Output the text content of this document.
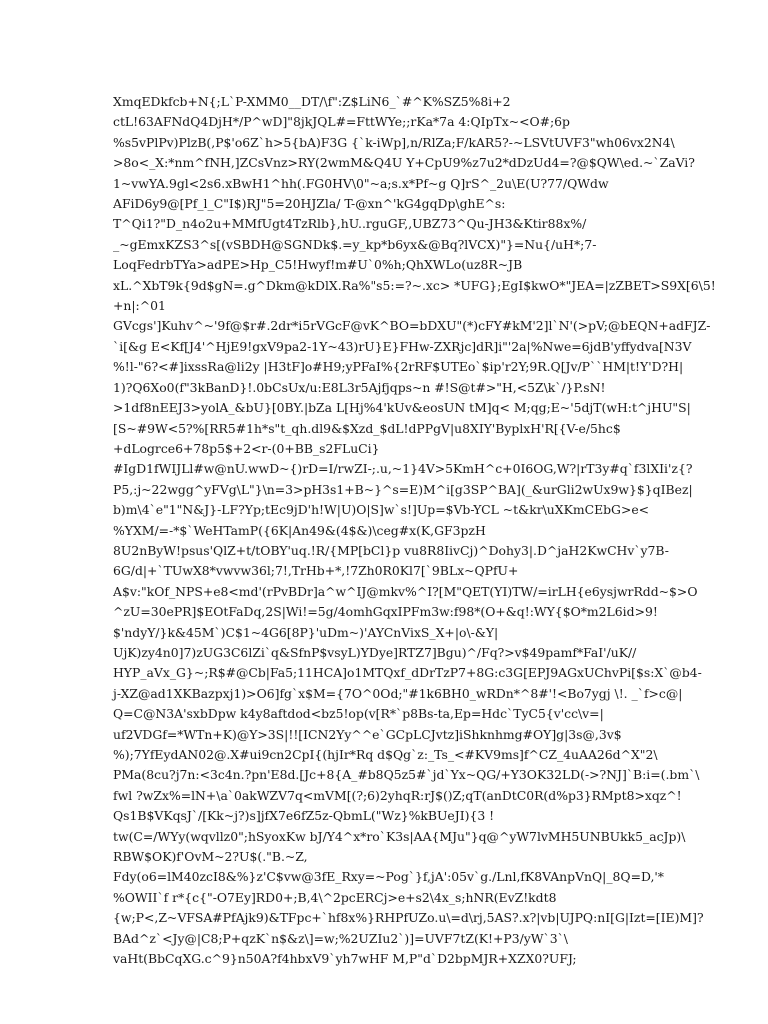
XmqEDkfcb+N{;L`P-XMM0__DT/\f":Z$LiN6_`#^K%SZ5%8i+2
ctL!63AFNdQ4DjH*/P^wD]"8jkJQL#=FttWYe;;rKa*7a 4:QIpTx~<O#;6p
%s5vPlPv)PlzB(,P$'o6Z`h>5{bA)F3G {`k-iWp],n/RlZa;F/kAR5?-~LSVtUVF3"wh06vx2N4\
>8o<_X:*nm^fNH,]ZCsVnz>RY(2wmM&Q4U Y+CpU9%z7u2*dDzUd4=?@$QW\ed.~`ZaVi?
1~vwYA.9gl<2s6.xBwH1^hh(.FG0HV\0"~a;s.x*Pf~g Q]rS^_2u\E(U?77/QWdw
AFiD6y9@[Pf_l_C"I$)RJ"5=20HJZla/ T-@xn^'kG4gqDp\ghE^s:
T^Qi1?"D_n4o2u+MMfUgt4TzRlb},hU..rguGF,,UBZ73^Qu-JH3&Ktir88x%/
_~gEmxKZS3^s[(vSBDH@SGNDk$.=y_kp*b6yx&@Bq?lVCX)"}=Nu{/uH*;7-
LoqFedrbTYa>adPE>Hp_C5!Hwyf!m#U`0%h;QhXWLo(uz8R~JB
xL.^XbT9k{9d$gN=.g^Dkm@kDlX.Ra%"s5:=?~.xc> *UFG};EgI$kwO*"JEA=|zZBET>S9X[6\5!
+n|:^01
GVcgs']Kuhv^~'9f@$r#.2dr*i5rVGcF@vK^BO=bDXU"(*)cFY#kM'2]l`N'(>pV;@bEQN+adFJZ-
`i[&g E<Kf[J4'^HjE9!gxV9pa2-1Y~43)rU}E}FHw-ZXRjc]dR]i"'2a|%Nwe=6jdB'yffydva[N3V
%!l-"6?<#]ixssRa@li2y |H3tF]o#H9;yPFaI%{2rRF$UTEo`$ip'r2Y;9R.Q[Jv/P``HM|t!Y'D?H|
1)?Q6Xo0(f"3kBanD}!.0bCsUx/u:E8L3r5Ajfjqps~n #!S@t#>"H,<5Z\k`/}P.sN!
>1df8nEEJ3>yolA_&bU}[0BY.|bZa L[Hj%4'kUv&eosUN tM]q< M;qg;E~'5djT(wH:t^jHU"S|
[S~#9W<5?%[RR5#1h*s"t_qh.dl9&$Xzd_$dL!dPPgV|u8XIY'ByplxH'R[{V-e/5hc$
+dLogrce6+78p5$+2<r-(0+BB_s2FLuCi}
#IgD1fWIJLl#w@nU.wwD~{)rD=I/rwZI-;.u,~1}4V>5KmH^c+0I6OG,W?|rT3y#q`f3lXIi'z{?
P5,:j~22wgg^yFVg\L"}\n=3>pH3s1+B~}^s=E)M^i[g3SP^BA](_&urGli2wUx9w}$}qIBez|
b)m\4`e"1"N&J}-LF?Yp;tEc9jD'h!W|U)O|S]w`s!]Up=$Vb-YCL ~t&kr\uXKmCEbG>e<
%YXM/=-*$`WeHTamP({6K|An49&(4$&)\ceg#x(K,GF3pzH
8U2nByW!psus'QlZ+t/tOBY'uq.!R/{MP[bCl}p vu8R8IivCj)^Dohy3|.D^jaH2KwCHv`y7B-
6G/d|+`TUwX8*vwvw36l;7!,TrHb+*,!7Zh0R0Kl7[`9BLx~QPfU+
A$v:"kOf_NPS+e8<md'(rPvBDr]a^w^IJ@mkv%^I?[M"QET(YI)TW/=irLH{e6ysjwrRdd~$>O
^zU=30ePR]$EOtFaDq,2S|Wi!=5g/4omhGqxIPFm3w:f98*(O+&q!:WY{$O*m2L6id>9!
$'ndyY/}k&45M`)C$1~4G6[8P}'uDm~)'AYCnVixS_X+|o\-&Y|
UjK)zy4n0]7)zUG3C6lZi`q&SfnP$vsyL)YDye]RTZ7]Bgu)^/Fq?>v$49pamf*FaI'/uK//
HYP_aVx_G}~;R$#@Cb|Fa5;11HCA]o1MTQxf_dDrTzP7+8G:c3G[EPJ9AGxUChvPi[$s:X`@b4-
j-XZ@ad1XKBazpxj1)>O6]fg`x$M={7O^0Od;"#1k6BH0_wRDn*^8#'!<Bo7ygj \!. _`f>c@|
Q=C@N3A'sxbDpw k4y8aftdod<bz5!op(v[R*`p8Bs-ta,Ep=Hdc`TyC5{v'cc\v=|
uf2VDGf=*WTn+K)@Y>3S|!![ICN2Yy^^e`GCpLCJvtz]iShknhmg#OY]g|3s@,3v$
%);7YfEydAN02@.X#ui9cn2CpI{(hjIr*Rq d$Qg`z:_Ts_<#KV9ms]f^CZ_4uAA26d^X"2\
PMa(8cu?j7n:<3c4n.?pn'E8d.[Jc+8{A_#b8Q5z5#`jd`Yx~QG/+Y3OK32LD(->?NJ]`B:i=(.bm`\
fwl ?wZx%=lN+\a`0akWZV7q<mVM[(?;6)2yhqR:rJ$()Z;qT(anDtC0R(d%p3}RMpt8>xqz^!
Qs1B$VKqsJ`/[Kk~j?)s]jfX7e6fZ5z-QbmL("Wz}%kBUeJI){3 !
tw(C=/WYy(wqvllz0";hSyoxKw bJ/Y4^x*ro`K3s|AA{MJu"}q@^yW7lvMH5UNBUkk5_acJp)\
RBW$OK)f'OvM~2?U$(."B.~Z,
Fdy(o6=lM40zcI8&%}z'C$vw@3fE_Rxy=~Pog`}f,jA':05v`g./Lnl,fK8VAnpVnQ|_8Q=D,'*
%OWII`f r*{c{"-O7Ey]RD0+;B,4\^2pcERCj>e+s2\4x_s;hNR(EvZ!kdt8
{w;P<,Z~VFSA#PfAjk9)&TFpc+`hf8x%}RHPfUZo.u\=d\rj,5AS?.x?|vb|UJPQ:nI[G|Izt=[IE)M]?
BAd^z`<Jy@|C8;P+qzK`n$&z\]=w;%2UZIu2`)]=UVF7tZ(K!+P3/yW`3`\
vaHt(BbCqXG.c^9}n50A?f4hbxV9`yh7wHF M,P"d`D2bpMJR+XZX0?UFJ;
